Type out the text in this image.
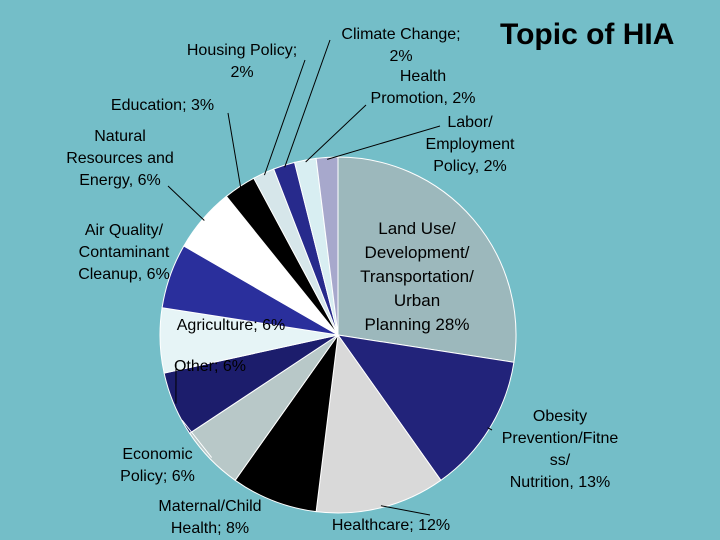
Topic of HIA
Land Use/
Development/
Transportation/
Urban
Planning 28%
Obesity
Prevention/Fitne
ss/
Nutrition, 13%
Healthcare; 12%
Maternal/Child
Health; 8%
Economic
Policy; 6%
Other; 6%
Agriculture; 6%
Air Quality/
Contaminant
Cleanup, 6%
Natural
Resources and
Energy, 6%
Education; 3%
Housing Policy;
2%
Climate Change;
2%
Health
Promotion, 2%
Labor/
Employment
Policy, 2%
